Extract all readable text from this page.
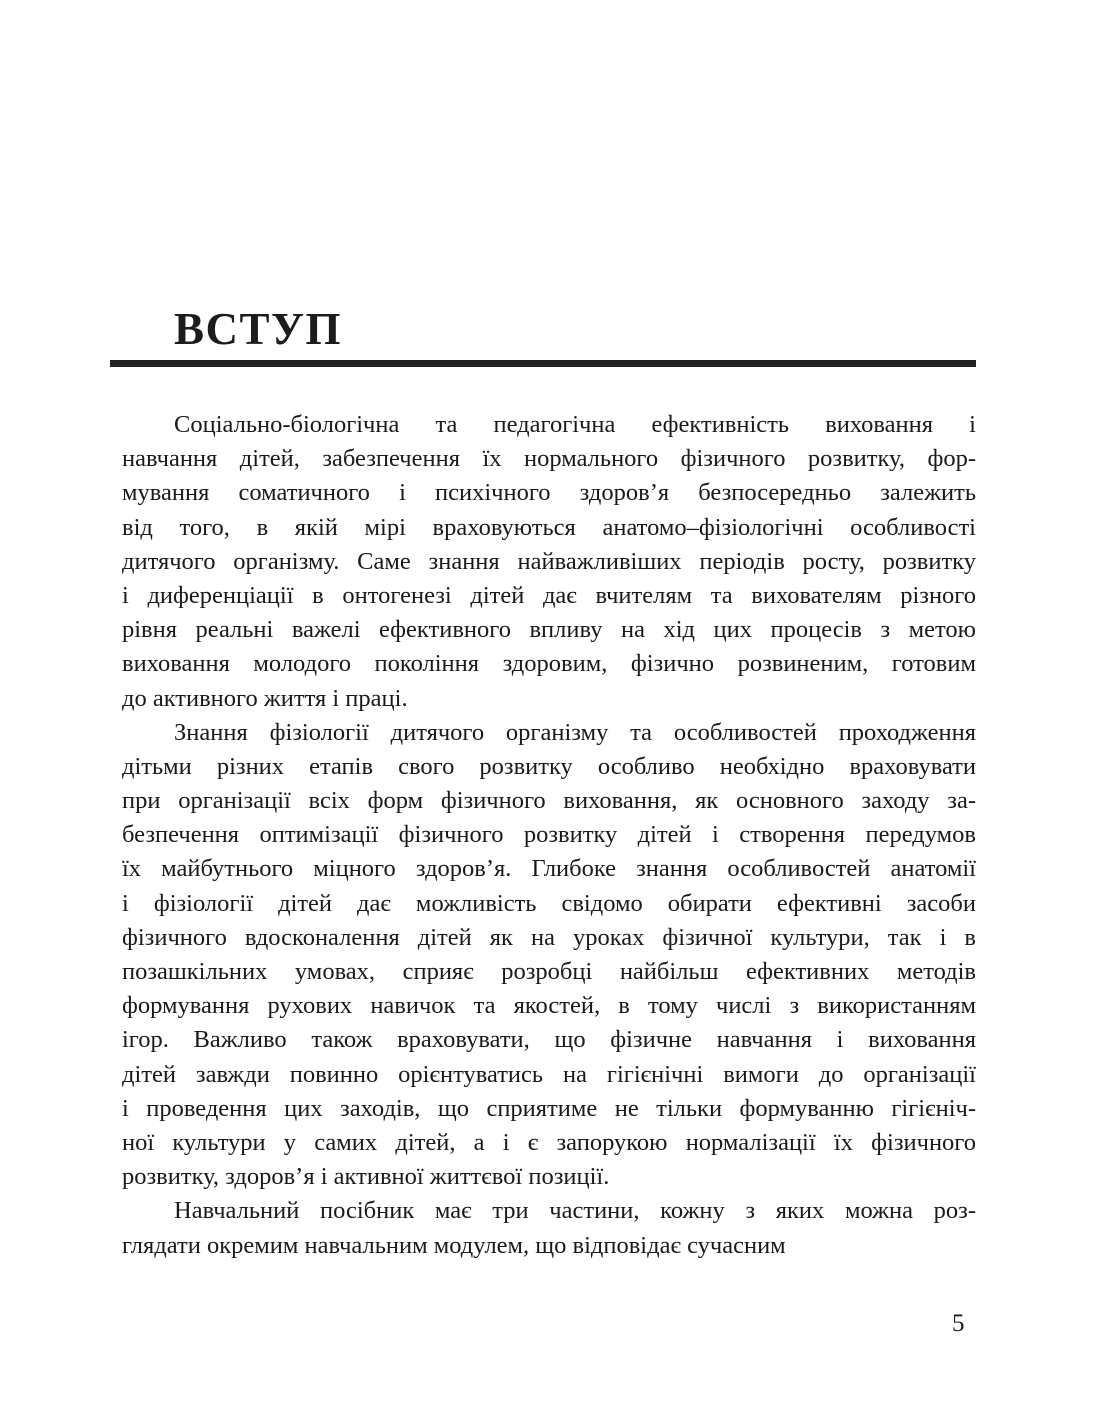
ВСТУП
Соціально-біологічна та педагогічна ефективність виховання і
навчання дітей, забезпечення їх нормального фізичного розвитку, фор-
мування соматичного і психічного здоров’я безпосередньо залежить
від того, в якій мірі враховуються анатомо–фізіологічні особливості
дитячого організму. Саме знання найважливіших періодів росту, розвитку
і диференціації в онтогенезі дітей дає вчителям та вихователям різного
рівня реальні важелі ефективного впливу на хід цих процесів з метою
виховання молодого покоління здоровим, фізично розвиненим, готовим
до активного життя і праці.
Знання фізіології дитячого організму та особливостей проходження
дітьми різних етапів свого розвитку особливо необхідно враховувати
при організації всіх форм фізичного виховання, як основного заходу за-
безпечення оптимізації фізичного розвитку дітей і створення передумов
їх майбутнього міцного здоров’я. Глибоке знання особливостей анатомії
і фізіології дітей дає можливість свідомо обирати ефективні засоби
фізичного вдосконалення дітей як на уроках фізичної культури, так і в
позашкільних умовах, сприяє розробці найбільш ефективних методів
формування рухових навичок та якостей, в тому числі з використанням
ігор. Важливо також враховувати, що фізичне навчання і виховання
дітей завжди повинно орієнтуватись на гігієнічні вимоги до організації
і проведення цих заходів, що сприятиме не тільки формуванню гігієніч-
ної культури у самих дітей, а і є запорукою нормалізації їх фізичного
розвитку, здоров’я і активної життєвої позиції.
Навчальний посібник має три частини, кожну з яких можна роз-
глядати окремим навчальним модулем, що відповідає сучасним
5
